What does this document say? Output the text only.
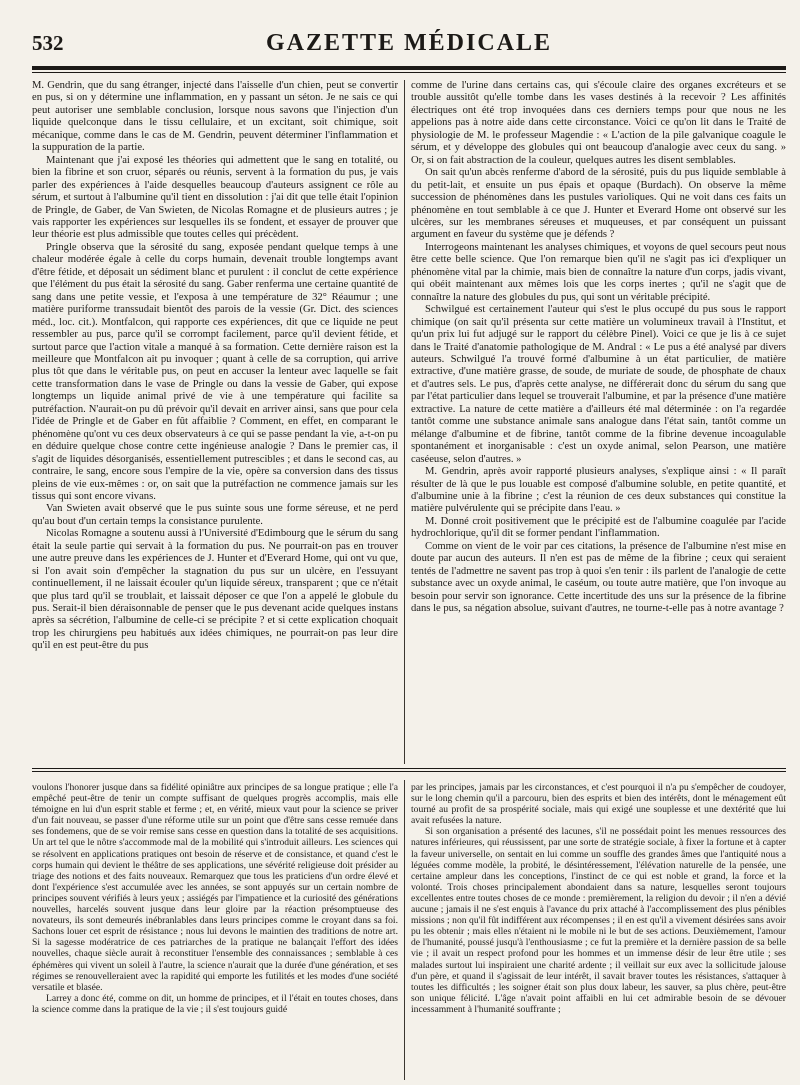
532	GAZETTE MÉDICALE

M. Gendrin, que du sang étranger, injecté dans l'aisselle d'un chien, peut se convertir en pus, si on y détermine une inflammation, en y passant un séton. Je ne sais ce qui peut autoriser une semblable conclusion, lorsque nous savons que l'injection d'un liquide quelconque dans le tissu cellulaire, et un excitant, soit chimique, soit mécanique, comme dans le cas de M. Gendrin, peuvent déterminer l'inflammation et la suppuration de la partie.

Maintenant que j'ai exposé les théories qui admettent que le sang en totalité, ou bien la fibrine et son cruor, séparés ou réunis, servent à la formation du pus, je vais parler des expériences à l'aide desquelles beaucoup d'auteurs assignent ce rôle au sérum, et surtout à l'albumine qu'il tient en dissolution : j'ai dit que telle était l'opinion de Pringle, de Gaber, de Van Swieten, de Nicolas Romagne et de plusieurs autres ; je vais rapporter les expériences sur lesquelles ils se fondent, et essayer de prouver que leur théorie est plus admissible que toutes celles qui précèdent.

Pringle observa que la sérosité du sang, exposée pendant quelque temps à une chaleur modérée égale à celle du corps humain, devenait trouble longtemps avant d'être fétide, et déposait un sédiment blanc et purulent : il conclut de cette expérience que l'élément du pus était la sérosité du sang. Gaber renferma une certaine quantité de sang dans une petite vessie, et l'exposa à une température de 32° Réaumur ; une matière puriforme transsudait bientôt des parois de la vessie (Gr. Dict. des sciences méd., loc. cit.). Montfalcon, qui rapporte ces expériences, dit que ce liquide ne peut ressembler au pus, parce qu'il se corrompt facilement, parce qu'il devient fétide, et surtout parce que l'action vitale a manqué à sa formation. Cette dernière raison est la meilleure que Montfalcon ait pu invoquer ; quant à celle de sa corruption, qui arrive plus tôt que dans le véritable pus, on peut en accuser la lenteur avec laquelle se fait cette transformation dans le vase de Pringle ou dans la vessie de Gaber, qui expose longtemps un liquide animal privé de vie à une température qui facilite sa putréfaction. N'aurait-on pu dû prévoir qu'il devait en arriver ainsi, sans que pour cela l'idée de Pringle et de Gaber en fût affaiblie ? Comment, en effet, en comparant le phénomène qu'ont vu ces deux observateurs à ce qui se passe pendant la vie, a-t-on pu en déduire quelque chose contre cette ingénieuse analogie ? Dans le premier cas, il s'agit de liquides désorganisés, essentiellement putrescibles ; et dans le second cas, au contraire, le sang, encore sous l'empire de la vie, opère sa conversion dans des tissus pleins de vie eux-mêmes : or, on sait que la putréfaction ne commence jamais sur les tissus qui sont encore vivans.

Van Swieten avait observé que le pus suinte sous une forme séreuse, et ne perd qu'au bout d'un certain temps la consistance purulente.

Nicolas Romagne a soutenu aussi à l'Université d'Edimbourg que le sérum du sang était la seule partie qui servait à la formation du pus. Ne pourrait-on pas en trouver une autre preuve dans les expériences de J. Hunter et d'Everard Home, qui ont vu que, si l'on avait soin d'empêcher la stagnation du pus sur un ulcère, en l'essuyant continuellement, il ne laissait écouler qu'un liquide séreux, transparent ; que ce n'était que plus tard qu'il se troublait, et laissait déposer ce que l'on a appelé le globule du pus. Serait-il bien déraisonnable de penser que le pus devenant acide quelques instans après sa sécrétion, l'albumine de celle-ci se précipite ? et si cette explication choquait trop les chirurgiens peu habitués aux idées chimiques, ne pourrait-on pas leur dire qu'il en est peut-être du pus

comme de l'urine dans certains cas, qui s'écoule claire des organes excréteurs et se trouble aussitôt qu'elle tombe dans les vases destinés à la recevoir ? Les affinités électriques ont été trop invoquées dans ces derniers temps pour que nous ne les appelions pas à notre aide dans cette circonstance. Voici ce qu'on lit dans le Traité de physiologie de M. le professeur Magendie : « L'action de la pile galvanique coagule le sérum, et y développe des globules qui ont beaucoup d'analogie avec ceux du sang. » Or, si on fait abstraction de la couleur, quelques autres les disent semblables.

On sait qu'un abcès renferme d'abord de la sérosité, puis du pus liquide semblable à du petit-lait, et ensuite un pus épais et opaque (Burdach). On observe la même succession de phénomènes dans les pustules varioliques. Qui ne voit dans ces faits un phénomène en tout semblable à ce que J. Hunter et Everard Home ont observé sur les ulcères, sur les membranes séreuses et muqueuses, et par conséquent un puissant argument en faveur du système que je défends ?

Interrogeons maintenant les analyses chimiques, et voyons de quel secours peut nous être cette belle science. Que l'on remarque bien qu'il ne s'agit pas ici d'expliquer un phénomène vital par la chimie, mais bien de connaître la nature d'un corps, jadis vivant, qui obéit maintenant aux mêmes lois que les corps inertes ; qu'il ne s'agit que de connaître la nature des globules du pus, qui sont un véritable précipité.

Schwilgué est certainement l'auteur qui s'est le plus occupé du pus sous le rapport chimique (on sait qu'il présenta sur cette matière un volumineux travail à l'Institut, et qu'un prix lui fut adjugé sur le rapport du célèbre Pinel). Voici ce que je lis à ce sujet dans le Traité d'anatomie pathologique de M. Andral : « Le pus a été analysé par divers auteurs. Schwilgué l'a trouvé formé d'albumine à un état particulier, de matière extractive, d'une matière grasse, de soude, de muriate de soude, de phosphate de chaux et d'autres sels. Le pus, d'après cette analyse, ne différerait donc du sérum du sang que par l'état particulier dans lequel se trouverait l'albumine, et par la présence d'une matière extractive. La nature de cette matière a d'ailleurs été mal déterminée : on l'a regardée tantôt comme une substance animale sans analogue dans l'état sain, tantôt comme un mélange d'albumine et de fibrine, tantôt comme de la fibrine devenue incoagulable spontanément et inorganisable : c'est un oxyde animal, selon Pearson, une matière caséeuse, selon d'autres. »

M. Gendrin, après avoir rapporté plusieurs analyses, s'explique ainsi : « Il paraît résulter de là que le pus louable est composé d'albumine soluble, en petite quantité, et d'albumine unie à la fibrine ; c'est la réunion de ces deux substances qui constitue la matière pulvérulente qui se précipite dans l'eau. »

M. Donné croit positivement que le précipité est de l'albumine coagulée par l'acide hydrochlorique, qu'il dit se former pendant l'inflammation.

Comme on vient de le voir par ces citations, la présence de l'albumine n'est mise en doute par aucun des auteurs. Il n'en est pas de même de la fibrine ; ceux qui seraient tentés de l'admettre ne savent pas trop à quoi s'en tenir : ils parlent de l'analogie de cette substance avec un oxyde animal, le caséum, ou toute autre matière, que l'on invoque au besoin pour servir son ignorance. Cette incertitude des uns sur la présence de la fibrine dans le pus, sa négation absolue, suivant d'autres, ne tourne-t-elle pas à notre avantage ?

voulons l'honorer jusque dans sa fidélité opiniâtre aux principes de sa longue pratique ; elle l'a empêché peut-être de tenir un compte suffisant de quelques progrès accomplis, mais elle témoigne en lui d'un esprit stable et ferme ; et, en vérité, mieux vaut pour la science se priver d'un fait nouveau, se passer d'une réforme utile sur un point que d'être sans cesse remuée dans ses fondemens, que de se voir remise sans cesse en question dans la totalité de ses acquisitions. Un art tel que le nôtre s'accommode mal de la mobilité qui s'introduit ailleurs. Les sciences qui se résolvent en applications pratiques ont besoin de réserve et de consistance, et quand c'est le corps humain qui devient le théâtre de ses applications, une sévérité religieuse doit présider au triage des notions et des faits nouveaux. Remarquez que tous les praticiens d'un ordre élevé et dont l'expérience s'est accumulée avec les années, se sont appuyés sur un certain nombre de principes souvent vérifiés à leurs yeux ; assiégés par l'impatience et la curiosité des générations nouvelles, harcelés souvent jusque dans leur gloire par la réaction présomptueuse des novateurs, ils sont demeurés inébranlables dans leurs principes comme le croyant dans sa foi. Sachons louer cet esprit de résistance ; nous lui devons le maintien des traditions de notre art. Si la sagesse modératrice de ces patriarches de la pratique ne balançait l'effort des idées nouvelles, chaque siècle aurait à reconstituer l'ensemble des connaissances ; semblable à ces éphémères qui vivent un soleil à l'autre, la science n'aurait que la durée d'une génération, et ses régimes se renouvelleraient avec la rapidité qui emporte les futilités et les modes d'une société versatile et blasée.

Larrey a donc été, comme on dit, un homme de principes, et il l'était en toutes choses, dans la science comme dans la pratique de la vie ; il s'est toujours guidé

par les principes, jamais par les circonstances, et c'est pourquoi il n'a pu s'empêcher de coudoyer, sur le long chemin qu'il a parcouru, bien des esprits et bien des intérêts, dont le ménagement eût tourné au profit de sa prospérité sociale, mais qui exigé une souplesse et une dextérité que lui avait refusées la nature.

Si son organisation a présenté des lacunes, s'il ne possédait point les menues ressources des natures inférieures, qui réussissent, par une sorte de stratégie sociale, à fixer la fortune et à capter la faveur universelle, on sentait en lui comme un souffle des grandes âmes que l'antiquité nous a léguées comme modèle, la probité, le désintéressement, l'élévation naturelle de la pensée, une certaine ampleur dans les conceptions, l'instinct de ce qui est noble et grand, la force et la volonté. Trois choses principalement abondaient dans sa nature, lesquelles seront toujours excellentes entre toutes choses de ce monde : premièrement, la religion du devoir ; il n'en a dévié aucune ; jamais il ne s'est enquis à l'avance du prix attaché à l'accomplissement des plus pénibles missions ; non qu'il fût indifférent aux récompenses ; il en est qu'il a vivement désirées sans avoir pu les obtenir ; mais elles n'étaient ni le mobile ni le but de ses actions. Deuxièmement, l'amour de l'humanité, poussé jusqu'à l'enthousiasme ; ce fut la première et la dernière passion de sa belle vie ; il avait un respect profond pour les hommes et un immense désir de leur être utile ; ses malades surtout lui inspiraient une charité ardente ; il veillait sur eux avec la sollicitude jalouse d'un père, et quand il s'agissait de leur intérêt, il savait braver toutes les résistances, s'attaquer à toutes les difficultés ; les soigner était son plus doux labeur, les sauver, sa plus chère, peut-être son unique félicité. L'âge n'avait point affaibli en lui cet admirable besoin de se dévouer incessamment à l'humanité souffrante ;
